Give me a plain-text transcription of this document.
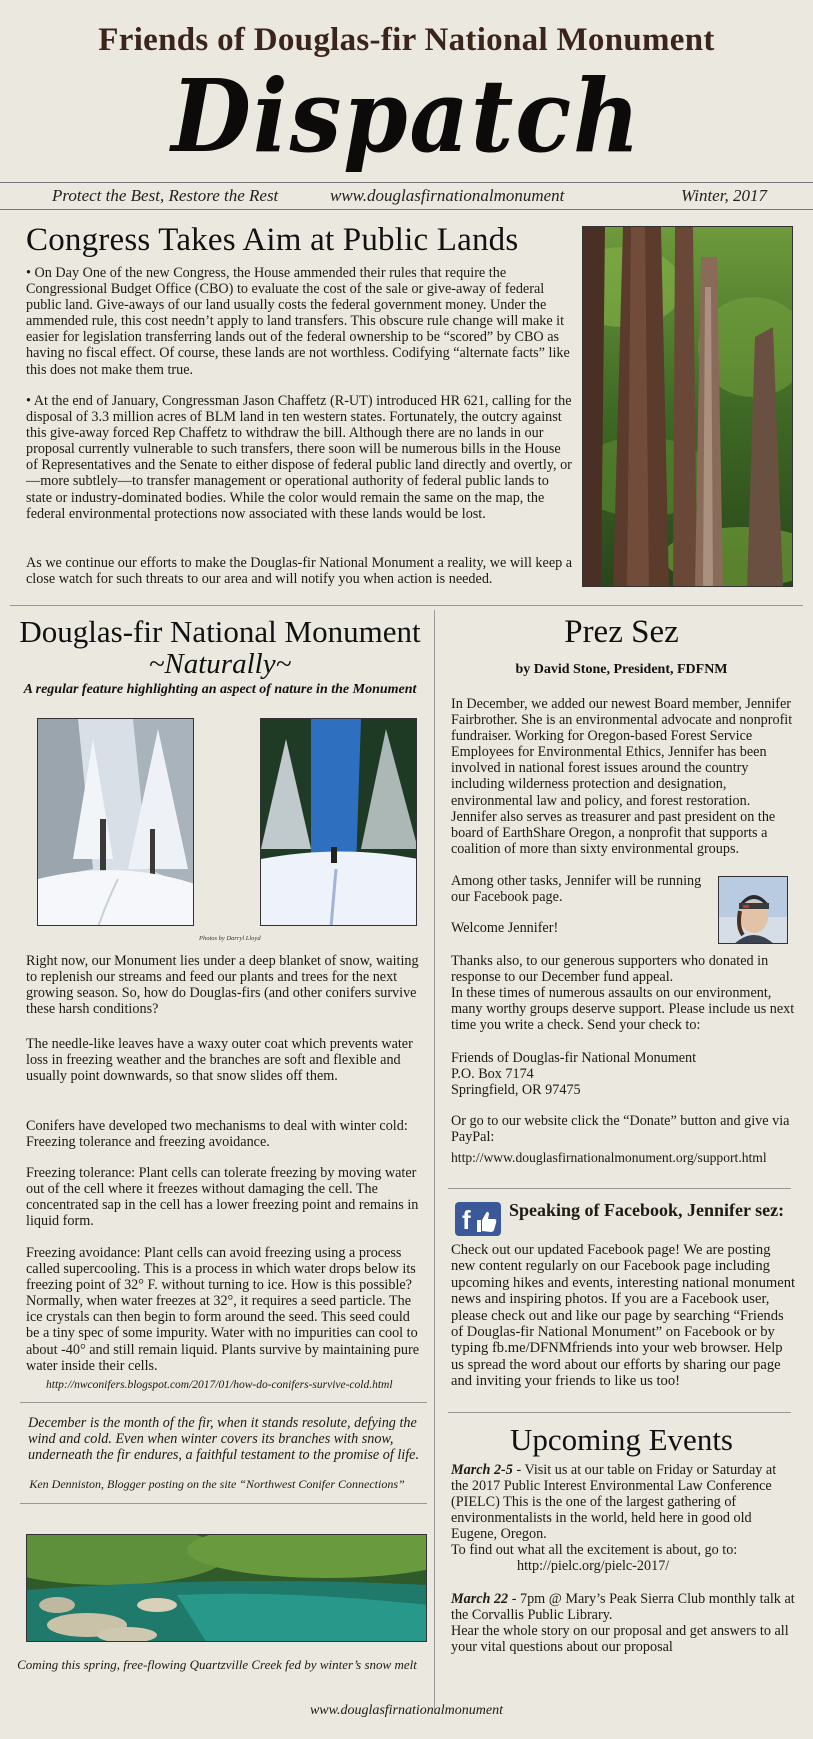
Friends of Douglas-fir National Monument
Dispatch
Protect the Best, Restore the Rest	www.douglasfirnationalmonument	Winter, 2017
Congress Takes Aim at Public Lands

• On Day One of the new Congress, the House ammended their rules that require the Congressional Budget Office (CBO) to evaluate the cost of the sale or give-away of federal public land. Give-aways of our land usually costs the federal government money. Under the ammended rule, this cost needn’t apply to land transfers. This obscure rule change will make it easier for legislation transferring lands out of the federal ownership to be “scored” by CBO as having no fiscal effect. Of course, these lands are not worthless. Codifying “alternate facts” like this does not make them true.

• At the end of January, Congressman Jason Chaffetz (R-UT) introduced HR 621, calling for the disposal of 3.3 million acres of BLM land in ten western states. Fortunately, the outcry against this give-away forced Rep Chaffetz to withdraw the bill. Although there are no lands in our proposal currently vulnerable to such transfers, there soon will be numerous bills in the House of Representatives and the Senate to either dispose of federal public land directly and overtly, or—more subtlely—to transfer management or operational authority of federal public lands to state or industry-dominated bodies. While the color would remain the same on the map, the federal environmental protections now associated with these lands would be lost.

As we continue our efforts to make the Douglas-fir National Monument a reality, we will keep a close watch for such threats to our area and will notify you when action is needed.

Douglas-fir National Monument
~Naturally~
A regular feature highlighting an aspect of nature in the Monument
Photos by Darryl Lloyd

Right now, our Monument lies under a deep blanket of snow, waiting to replenish our streams and feed our plants and trees for the next growing season. So, how do Douglas-firs (and other conifers survive these harsh conditions?

The needle-like leaves have a waxy outer coat which prevents water loss in freezing weather and the branches are soft and flexible and usually point downwards, so that snow slides off them.

Conifers have developed two mechanisms to deal with winter cold: Freezing tolerance and freezing avoidance.

Freezing tolerance: Plant cells can tolerate freezing by moving water out of the cell where it freezes without damaging the cell. The concentrated sap in the cell has a lower freezing point and remains in liquid form.

Freezing avoidance: Plant cells can avoid freezing using a process called supercooling. This is a process in which water drops below its freezing point of 32° F. without turning to ice. How is this possible? Normally, when water freezes at 32°, it requires a seed particle. The ice crystals can then begin to form around the seed. This seed could be a tiny spec of some impurity. Water with no impurities can cool to about -40° and still remain liquid. Plants survive by maintaining pure water inside their cells.

http://nwconifers.blogspot.com/2017/01/how-do-conifers-survive-cold.html

December is the month of the fir, when it stands resolute, defying the wind and cold. Even when winter covers its branches with snow, underneath the fir endures, a faithful testament to the promise of life.

Ken Denniston, Blogger posting on the site “Northwest Conifer Connections”
Coming this spring, free-flowing Quartzville Creek fed by winter’s snow melt
Prez Sez
by David Stone, President, FDFNM

In December, we added our newest Board member, Jennifer Fairbrother. She is an environmental advocate and nonprofit fundraiser. Working for Oregon-based Forest Service Employees for Environmental Ethics, Jennifer has been involved in national forest issues around the country including wilderness protection and designation, environmental law and policy, and forest restoration. Jennifer also serves as treasurer and past president on the board of EarthShare Oregon, a nonprofit that supports a coalition of more than sixty environmental groups.

Among other tasks, Jennifer will be running our Facebook page.

Welcome Jennifer!

Thanks also, to our generous supporters who donated in response to our December fund appeal.

In these times of numerous assaults on our environment, many worthy groups deserve support. Please include us next time you write a check. Send your check to:

Friends of Douglas-fir National Monument
P.O. Box 7174
Springfield, OR 97475

Or go to our website click the “Donate” button and give via PayPal:

http://www.douglasfirnationalmonument.org/support.html
f Speaking of Facebook, Jennifer sez:

Check out our updated Facebook page! We are posting new content regularly on our Facebook page including upcoming hikes and events, interesting national monument news and inspiring photos. If you are a Facebook user, please check out and like our page by searching “Friends of Douglas-fir National Monument” on Facebook or by typing fb.me/DFNMfriends into your web browser. Help us spread the word about our efforts by sharing our page and inviting your friends to like us too!

Upcoming Events

March 2-5 - Visit us at our table on Friday or Saturday at the 2017 Public Interest Environmental Law Conference (PIELC) This is the one of the largest gathering of environmentalists in the world, held here in good old Eugene, Oregon.

To find out what all the excitement is about, go to:

http://pielc.org/pielc-2017/

March 22 - 7pm @ Mary’s Peak Sierra Club monthly talk at the Corvallis Public Library.

Hear the whole story on our proposal and get answers to all your vital questions about our proposal

www.douglasfirnationalmonument
